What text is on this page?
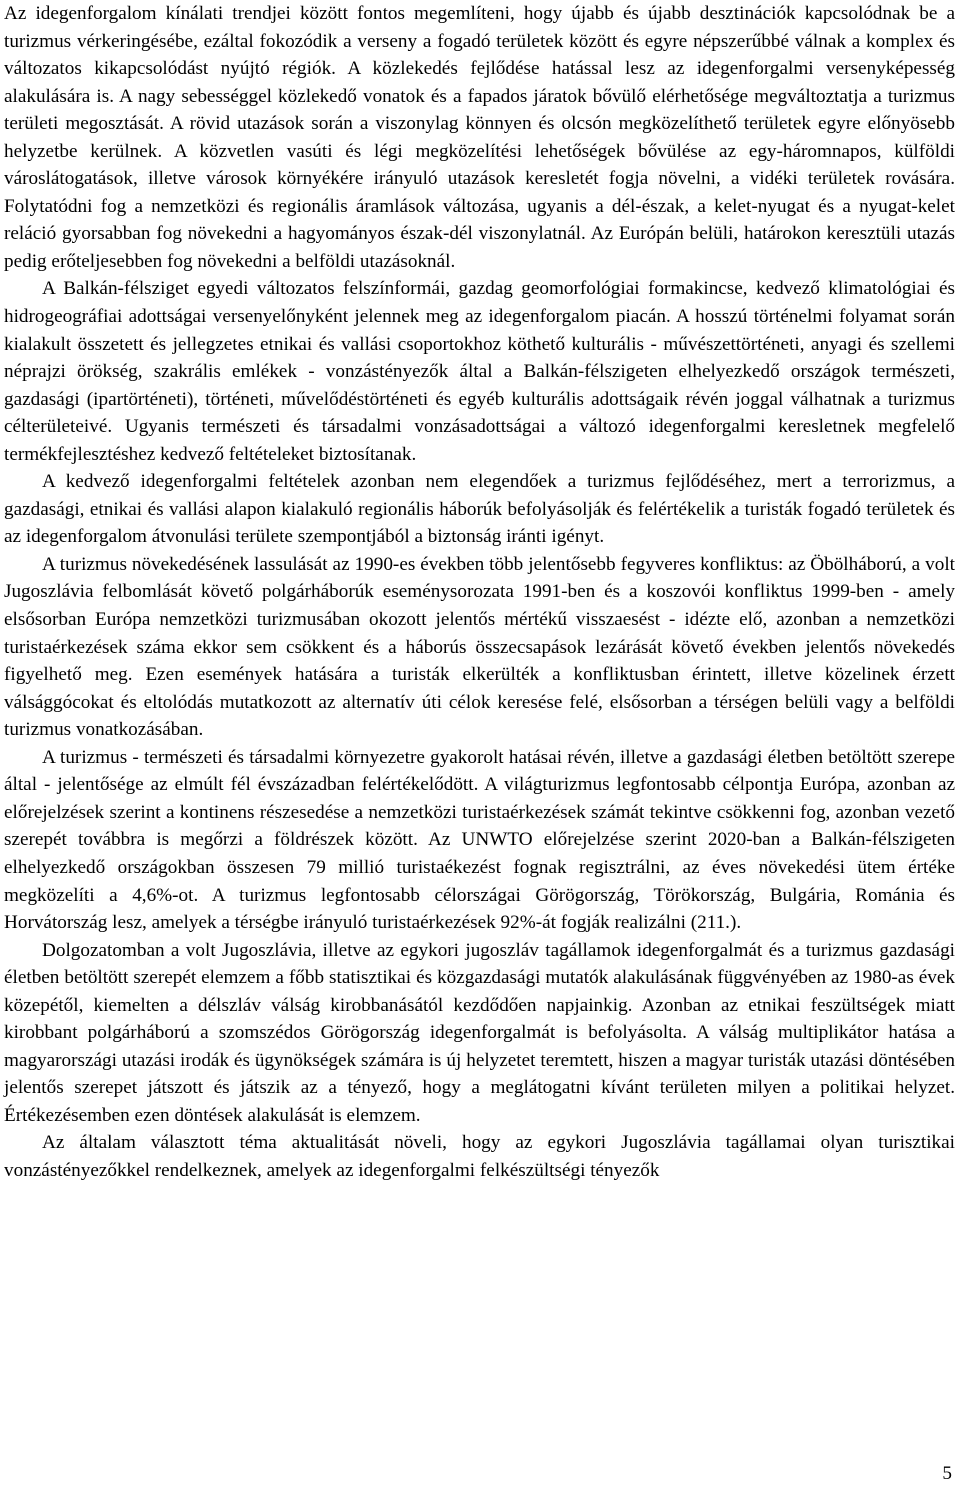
Az idegenforgalom kínálati trendjei között fontos megemlíteni, hogy újabb és újabb desztinációk kapcsolódnak be a turizmus vérkeringésébe, ezáltal fokozódik a verseny a fogadó területek között és egyre népszerűbbé válnak a komplex és változatos kikapcsolódást nyújtó régiók. A közlekedés fejlődése hatással lesz az idegenforgalmi versenyképesség alakulására is. A nagy sebességgel közlekedő vonatok és a fapados járatok bővülő elérhetősége megváltoztatja a turizmus területi megosztását. A rövid utazások során a viszonylag könnyen és olcsón megközelíthető területek egyre előnyösebb helyzetbe kerülnek. A közvetlen vasúti és légi megközelítési lehetőségek bővülése az egy-háromnapos, külföldi városlátogatások, illetve városok környékére irányuló utazások keresletét fogja növelni, a vidéki területek rovására. Folytatódni fog a nemzetközi és regionális áramlások változása, ugyanis a dél-észak, a kelet-nyugat és a nyugat-kelet reláció gyorsabban fog növekedni a hagyományos észak-dél viszonylatnál. Az Európán belüli, határokon keresztüli utazás pedig erőteljesebben fog növekedni a belföldi utazásoknál.

A Balkán-félsziget egyedi változatos felszínformái, gazdag geomorfológiai formakincse, kedvező klimatológiai és hidrogeográfiai adottságai versenyelőnyként jelennek meg az idegenforgalom piacán. A hosszú történelmi folyamat során kialakult összetett és jellegzetes etnikai és vallási csoportokhoz köthető kulturális - művészettörténeti, anyagi és szellemi néprajzi örökség, szakrális emlékek - vonzástényezők által a Balkán-félszigeten elhelyezkedő országok természeti, gazdasági (ipartörténeti), történeti, művelődéstörténeti és egyéb kulturális adottságaik révén joggal válhatnak a turizmus célterületeivé. Ugyanis természeti és társadalmi vonzásadottságai a változó idegenforgalmi keresletnek megfelelő termékfejlesztéshez kedvező feltételeket biztosítanak.

A kedvező idegenforgalmi feltételek azonban nem elegendőek a turizmus fejlődéséhez, mert a terrorizmus, a gazdasági, etnikai és vallási alapon kialakuló regionális háborúk befolyásolják és felértékelik a turisták fogadó területek és az idegenforgalom átvonulási területe szempontjából a biztonság iránti igényt.

A turizmus növekedésének lassulását az 1990-es években több jelentősebb fegyveres konfliktus: az Öbölháború, a volt Jugoszlávia felbomlását követő polgárháborúk eseménysorozata 1991-ben és a koszovói konfliktus 1999-ben - amely elsősorban Európa nemzetközi turizmusában okozott jelentős mértékű visszaesést - idézte elő, azonban a nemzetközi turistaérkezések száma ekkor sem csökkent és a háborús összecsapások lezárását követő években jelentős növekedés figyelhető meg. Ezen események hatására a turisták elkerülték a konfliktusban érintett, illetve közelinek érzett válsággócokat és eltolódás mutatkozott az alternatív úti célok keresése felé, elsősorban a térségen belüli vagy a belföldi turizmus vonatkozásában.

A turizmus - természeti és társadalmi környezetre gyakorolt hatásai révén, illetve a gazdasági életben betöltött szerepe által - jelentősége az elmúlt fél évszázadban felértékelődött. A világturizmus legfontosabb célpontja Európa, azonban az előrejelzések szerint a kontinens részesedése a nemzetközi turistaérkezések számát tekintve csökkenni fog, azonban vezető szerepét továbbra is megőrzi a földrészek között. Az UNWTO előrejelzése szerint 2020-ban a Balkán-félszigeten elhelyezkedő országokban összesen 79 millió turistaékezést fognak regisztrálni, az éves növekedési ütem értéke megközelíti a 4,6%-ot. A turizmus legfontosabb célországai Görögország, Törökország, Bulgária, Románia és Horvátország lesz, amelyek a térségbe irányuló turistaérkezések 92%-át fogják realizálni (211.).

Dolgozatomban a volt Jugoszlávia, illetve az egykori jugoszláv tagállamok idegenforgalmát és a turizmus gazdasági életben betöltött szerepét elemzem a főbb statisztikai és közgazdasági mutatók alakulásának függvényében az 1980-as évek közepétől, kiemelten a délszláv válság kirobbanásától kezdődően napjainkig. Azonban az etnikai feszültségek miatt kirobbant polgárháború a szomszédos Görögország idegenforgalmát is befolyásolta. A válság multiplikátor hatása a magyarországi utazási irodák és ügynökségek számára is új helyzetet teremtett, hiszen a magyar turisták utazási döntésében jelentős szerepet játszott és játszik az a tényező, hogy a meglátogatni kívánt területen milyen a politikai helyzet. Értékezésemben ezen döntések alakulását is elemzem.

Az általam választott téma aktualitását növeli, hogy az egykori Jugoszlávia tagállamai olyan turisztikai vonzástényezőkkel rendelkeznek, amelyek az idegenforgalmi felkészültségi tényezők

5
